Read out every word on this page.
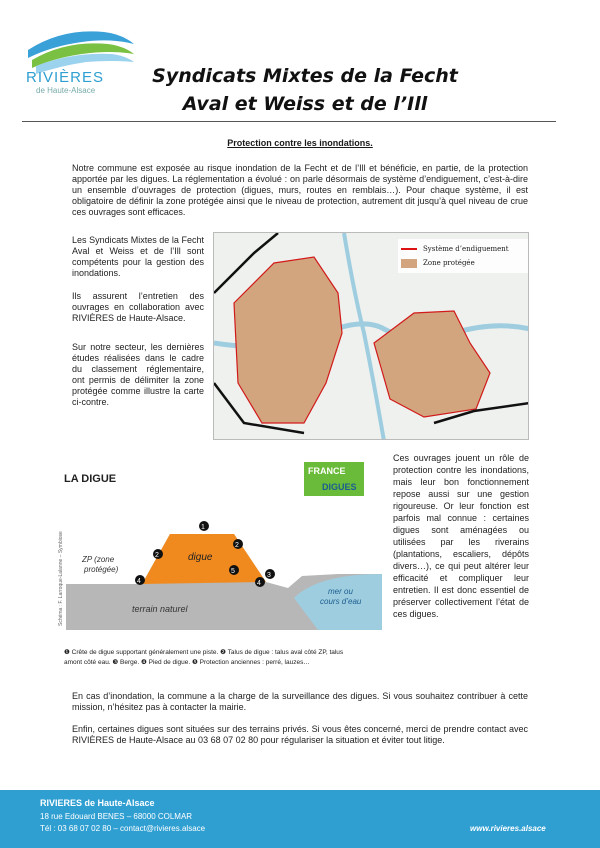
RIVIÈRES
de Haute-Alsace
Syndicats Mixtes de la Fecht
Aval et Weiss et de l’Ill
Protection contre les inondations.
Notre commune est exposée au risque inondation de la Fecht et de l’Ill et bénéficie, en partie, de la protection apportée par les digues. La réglementation a évolué : on parle désormais de système d’endiguement, c’est-à-dire un ensemble d’ouvrages de protection (digues, murs, routes en remblais…). Pour chaque système, il est obligatoire de définir la zone protégée ainsi que le niveau de protection, autrement dit jusqu’à quel niveau de crue ces ouvrages sont efficaces.
Les Syndicats Mixtes de la Fecht Aval et Weiss et de l’Ill sont compétents pour la gestion des inondations.
Ils assurent l’entretien des ouvrages en collaboration avec RIVIÈRES de Haute-Alsace.
Sur notre secteur, les dernières études réalisées dans le cadre du classement réglementaire, ont permis de délimiter la zone protégée comme illustre la carte ci-contre.
Système d’endiguement
Zone protégée
LA DIGUE
FRANCE
DIGUES
digue
ZP (zone
protégée)
terrain naturel
mer ou
cours d’eau
1
2
2
3
4	4
5
Schéma : F. Larroque-Lalanne – Symbiose
❶ Crête de digue supportant généralement une piste. ❷ Talus de digue : talus aval côté ZP, talus
amont côté eau. ❸ Berge. ❹ Pied de digue. ❺ Protection anciennes : perré, lauzes…
Ces ouvrages jouent un rôle de protection contre les inondations, mais leur bon fonctionnement repose aussi sur une gestion rigoureuse. Or leur fonction est parfois mal connue : certaines digues sont aménagées ou utilisées par les riverains (plantations, escaliers, dépôts divers…), ce qui peut altérer leur efficacité et compliquer leur entretien. Il est donc essentiel de préserver collectivement l’état de ces digues.
En cas d’inondation, la commune a la charge de la surveillance des digues. Si vous souhaitez contribuer à cette mission, n’hésitez pas à contacter la mairie.
Enfin, certaines digues sont situées sur des terrains privés. Si vous êtes concerné, merci de prendre contact avec RIVIÈRES de Haute-Alsace au 03 68 07 02 80 pour régulariser la situation et éviter tout litige.
RIVIERES de Haute-Alsace
18 rue Edouard BENES – 68000 COLMAR
Tél : 03 68 07 02 80 – contact@rivieres.alsace	www.rivieres.alsace
